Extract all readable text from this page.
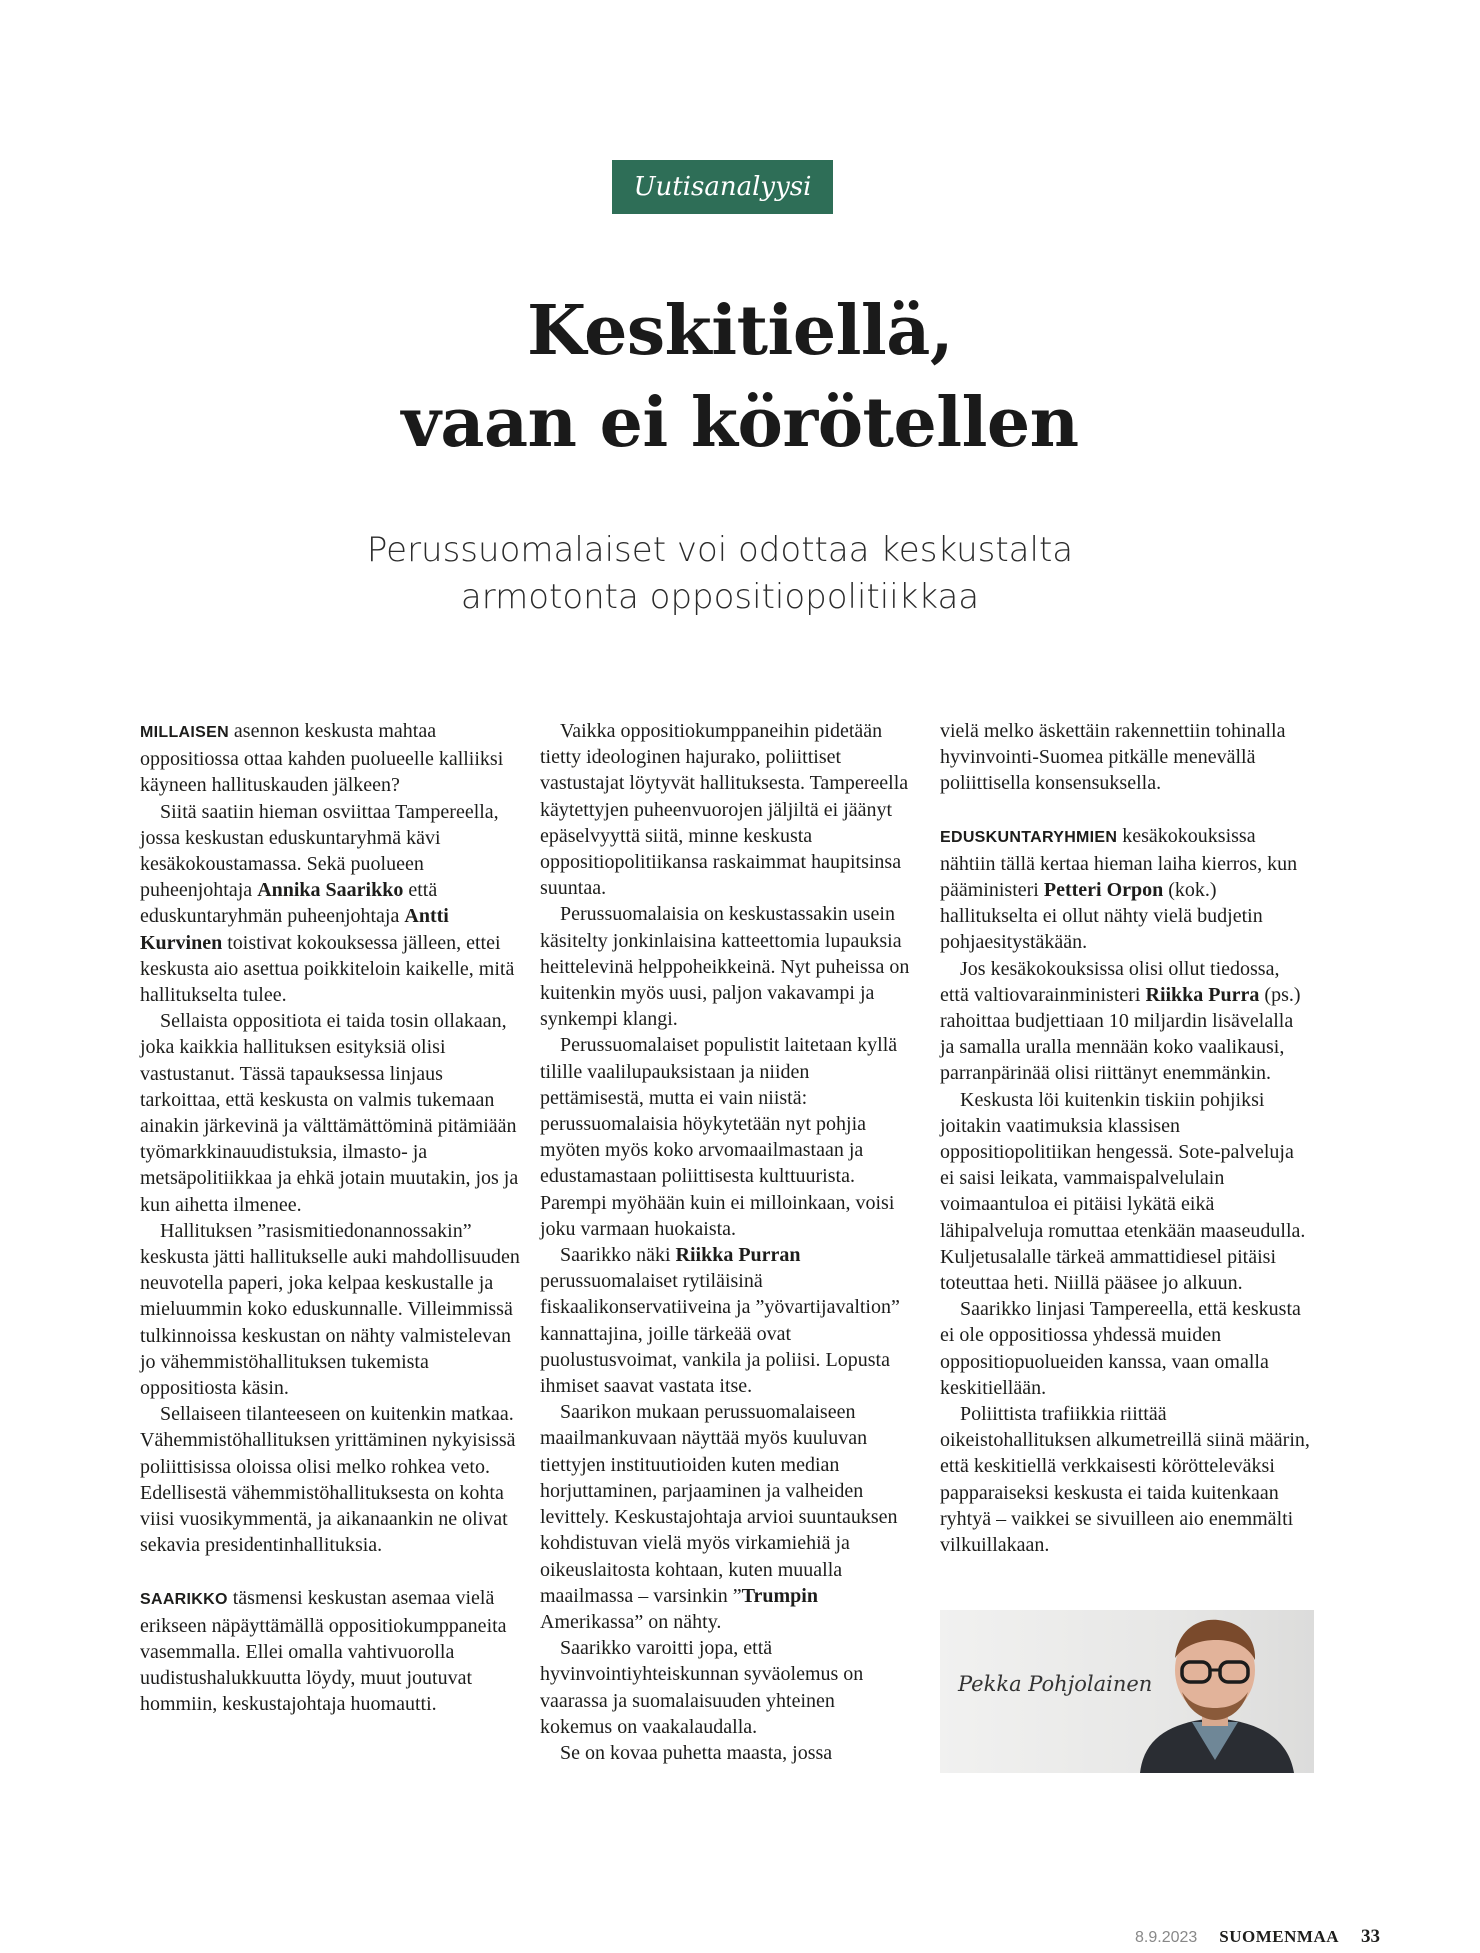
Uutisanalyysi
Keskitiellä,
vaan ei körötellen
Perussuomalaiset voi odottaa keskustalta
armotonta oppositiopolitiikkaa

MILLAISEN asennon keskusta mahtaa oppositiossa ottaa kahden puolueelle kalliiksi käyneen hallituskauden jälkeen?

Siitä saatiin hieman osviittaa Tampereella, jossa keskustan eduskuntaryhmä kävi kesäkokoustamassa. Sekä puolueen puheenjohtaja Annika Saarikko että eduskuntaryhmän puheenjohtaja Antti Kurvinen toistivat kokouksessa jälleen, ettei keskusta aio asettua poikkiteloin kaikelle, mitä hallitukselta tulee.

Sellaista oppositiota ei taida tosin ollakaan, joka kaikkia hallituksen esityksiä olisi vastustanut. Tässä tapauksessa linjaus tarkoittaa, että keskusta on valmis tukemaan ainakin järkevinä ja välttämättöminä pitämiään työmarkkinauudistuksia, ilmasto- ja metsäpolitiikkaa ja ehkä jotain muutakin, jos ja kun aihetta ilmenee.

Hallituksen ”rasismitiedonannossakin” keskusta jätti hallitukselle auki mahdollisuuden neuvotella paperi, joka kelpaa keskustalle ja mieluummin koko eduskunnalle. Villeimmissä tulkinnoissa keskustan on nähty valmistelevan jo vähemmistöhallituksen tukemista oppositiosta käsin.

Sellaiseen tilanteeseen on kuitenkin matkaa. Vähemmistöhallituksen yrittäminen nykyisissä poliittisissa oloissa olisi melko rohkea veto. Edellisestä vähemmistöhallituksesta on kohta viisi vuosikymmentä, ja aikanaankin ne olivat sekavia presidentinhallituksia.

SAARIKKO täsmensi keskustan asemaa vielä erikseen näpäyttämällä oppositiokumppaneita vasemmalla. Ellei omalla vahtivuorolla uudistushalukkuutta löydy, muut joutuvat hommiin, keskustajohtaja huomautti.

Vaikka oppositiokumppaneihin pidetään tietty ideologinen hajurako, poliittiset vastustajat löytyvät hallituksesta. Tampereella käytettyjen puheenvuorojen jäljiltä ei jäänyt epäselvyyttä siitä, minne keskusta oppositiopolitiikansa raskaimmat haupitsinsa suuntaa.

Perussuomalaisia on keskustassakin usein käsitelty jonkinlaisina katteettomia lupauksia heittelevinä helppoheikkeinä. Nyt puheissa on kuitenkin myös uusi, paljon vakavampi ja synkempi klangi.

Perussuomalaiset populistit laitetaan kyllä tilille vaalilupauksistaan ja niiden pettämisestä, mutta ei vain niistä: perussuomalaisia höykytetään nyt pohjia myöten myös koko arvomaailmastaan ja edustamastaan poliittisesta kulttuurista. Parempi myöhään kuin ei milloinkaan, voisi joku varmaan huokaista.

Saarikko näki Riikka Purran perussuomalaiset rytiläisinä fiskaalikonservatiiveina ja ”yövartijavaltion” kannattajina, joille tärkeää ovat puolustusvoimat, vankila ja poliisi. Lopusta ihmiset saavat vastata itse.

Saarikon mukaan perussuomalaiseen maailmankuvaan näyttää myös kuuluvan tiettyjen instituutioiden kuten median horjuttaminen, parjaaminen ja valheiden levittely. Keskustajohtaja arvioi suuntauksen kohdistuvan vielä myös virkamiehiä ja oikeuslaitosta kohtaan, kuten muualla maailmassa – varsinkin ”Trumpin Amerikassa” on nähty.

Saarikko varoitti jopa, että hyvinvointiyhteiskunnan syväolemus on vaarassa ja suomalaisuuden yhteinen kokemus on vaakalaudalla.

Se on kovaa puhetta maasta, jossa

vielä melko äskettäin rakennettiin tohinalla hyvinvointi-Suomea pitkälle menevällä poliittisella konsensuksella.

EDUSKUNTARYHMIEN kesäkokouksissa nähtiin tällä kertaa hieman laiha kierros, kun pääministeri Petteri Orpon (kok.) hallitukselta ei ollut nähty vielä budjetin pohjaesitystäkään.

Jos kesäkokouksissa olisi ollut tiedossa, että valtiovarainministeri Riikka Purra (ps.) rahoittaa budjettiaan 10 miljardin lisävelalla ja samalla uralla mennään koko vaalikausi, parranpärinää olisi riittänyt enemmänkin.

Keskusta löi kuitenkin tiskiin pohjiksi joitakin vaatimuksia klassisen oppositiopolitiikan hengessä. Sote-palveluja ei saisi leikata, vammaispalvelulain voimaantuloa ei pitäisi lykätä eikä lähipalveluja romuttaa etenkään maaseudulla. Kuljetusalalle tärkeä ammattidiesel pitäisi toteuttaa heti. Niillä pääsee jo alkuun.

Saarikko linjasi Tampereella, että keskusta ei ole oppositiossa yhdessä muiden oppositiopuolueiden kanssa, vaan omalla keskitiellään.

Poliittista trafiikkia riittää oikeistohallituksen alkumetreillä siinä määrin, että keskitiellä verkkaisesti körötteleväksi papparaiseksi keskusta ei taida kuitenkaan ryhtyä – vaikkei se sivuilleen aio enemmälti vilkuillakaan.

Pekka Pohjolainen
8.9.2023 SUOMENMAA 33
